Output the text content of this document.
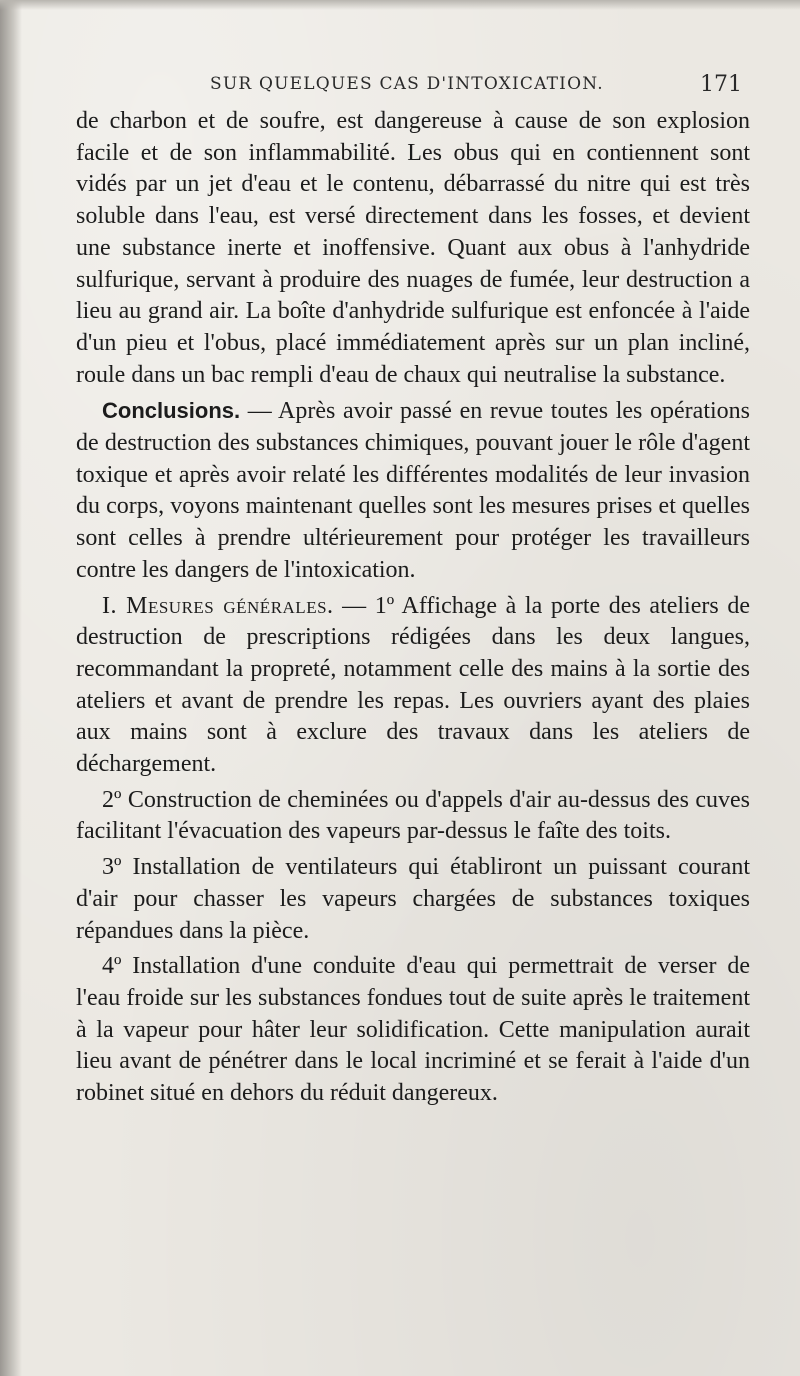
SUR QUELQUES CAS D'INTOXICATION.	171

de charbon et de soufre, est dangereuse à cause de son explosion facile et de son inflammabilité. Les obus qui en contiennent sont vidés par un jet d'eau et le contenu, débarrassé du nitre qui est très soluble dans l'eau, est versé directement dans les fosses, et devient une substance inerte et inoffensive. Quant aux obus à l'anhydride sulfurique, servant à produire des nuages de fumée, leur destruction a lieu au grand air. La boîte d'anhydride sulfurique est enfoncée à l'aide d'un pieu et l'obus, placé immédiatement après sur un plan incliné, roule dans un bac rempli d'eau de chaux qui neutralise la substance.

Conclusions. — Après avoir passé en revue toutes les opérations de destruction des substances chimiques, pouvant jouer le rôle d'agent toxique et après avoir relaté les différentes modalités de leur invasion du corps, voyons maintenant quelles sont les mesures prises et quelles sont celles à prendre ultérieurement pour protéger les travailleurs contre les dangers de l'intoxication.

I. Mesures générales. — 1º Affichage à la porte des ateliers de destruction de prescriptions rédigées dans les deux langues, recommandant la propreté, notamment celle des mains à la sortie des ateliers et avant de prendre les repas. Les ouvriers ayant des plaies aux mains sont à exclure des travaux dans les ateliers de déchargement.

2º Construction de cheminées ou d'appels d'air au-dessus des cuves facilitant l'évacuation des vapeurs par-dessus le faîte des toits.

3º Installation de ventilateurs qui établiront un puissant courant d'air pour chasser les vapeurs chargées de substances toxiques répandues dans la pièce.

4º Installation d'une conduite d'eau qui permettrait de verser de l'eau froide sur les substances fondues tout de suite après le traitement à la vapeur pour hâter leur solidification. Cette manipulation aurait lieu avant de pénétrer dans le local incriminé et se ferait à l'aide d'un robinet situé en dehors du réduit dangereux.
